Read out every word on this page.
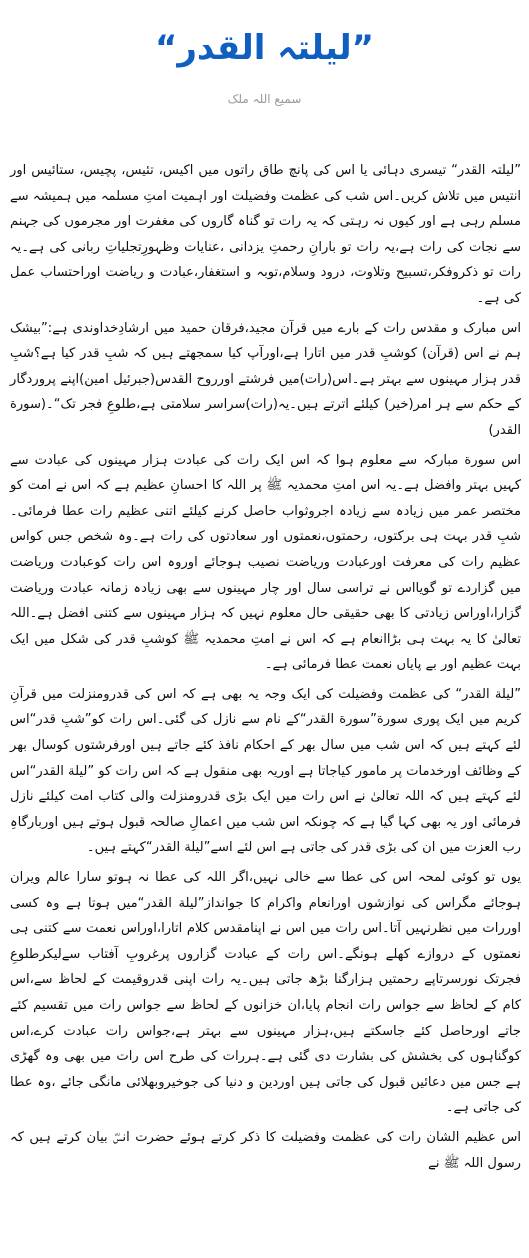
”لیلتہ القدر“
سمیع اللہ ملک

”لیلتہ القدر“ تیسری دہائی یا اس کی پانچ طاق راتوں میں اکیس، تئیس، پچیس، ستائیس اور انتیس میں تلاش کریں۔اس شب کی عظمت وفضیلت اور اہمیت امتِ مسلمہ میں ہمیشہ سے مسلم رہی ہے اور کیوں نہ رہتی کہ یہ رات تو گناہ گاروں کی مغفرت اور مجرموں کی جہنم سے نجات کی رات ہے،یہ رات تو بارانِ رحمتِ یزدانی ،عنایات وظہورِتجلیاتِ ربانی کی ہے۔یہ رات تو ذکروفکر،تسبیح وتلاوت، درود وسلام،توبہ و استغفار،عبادت و ریاضت اوراحتساب عمل کی ہے۔

اس مبارک و مقدس رات کے بارے میں قرآن مجید،فرقان حمید میں ارشادِخداوندی ہے:”بیشک ہم نے اس (قرآن) کوشبِ قدر میں اتارا ہے،اورآپ کیا سمجھتے ہیں کہ شبِ قدر کیا ہے؟شبِ قدر ہزار مہینوں سے بہتر ہے۔اس(رات)میں فرشتے اورروح القدس(جبرئیل امین)اپنے پروردگار کے حکم سے ہر امر(خیر) کیلئے اترتے ہیں۔یہ(رات)سراسر سلامتی ہے،طلوعِ فجر تک“۔(سورة القدر)

اس سورة مبارکہ سے معلوم ہوا کہ اس ایک رات کی عبادت ہزار مہینوں کی عبادت سے کہیں بہتر وافضل ہے۔یہ اس امتِ محمدیہ ﷺ پر اللہ کا احسانِ عظیم ہے کہ اس نے امت کو مختصر عمر میں زیادہ سے زیادہ اجروثواب حاصل کرنے کیلئے اتنی عظیم رات عطا فرمائی۔شبِ قدر بہت ہی برکتوں، رحمتوں،نعمتوں اور سعادتوں کی رات ہے۔وہ شخص جس کواس عظیم رات کی معرفت اورعبادت وریاضت نصیب ہوجائے اوروہ اس رات کوعبادت وریاضت میں گزاردے تو گویااس نے تراسی سال اور چار مہینوں سے بھی زیادہ زمانہ عبادت وریاضت گزارا،اوراس زیادتی کا بھی حقیقی حال معلوم نہیں کہ ہزار مہینوں سے کتنی افضل ہے۔اللہ تعالیٰ کا یہ بہت ہی بڑاانعام ہے کہ اس نے امتِ محمدیہ ﷺ کوشبِ قدر کی شکل میں ایک بہت عظیم اور بے پایاں نعمت عطا فرمائی ہے۔

”لیلة القدر“ کی عظمت وفضیلت کی ایک وجہ یہ بھی ہے کہ اس کی قدرومنزلت میں قرآنِ کریم میں ایک پوری سورة”سورة القدر“کے نام سے نازل کی گئی۔اس رات کو”شبِ قدر“اس لئے کہتے ہیں کہ اس شب میں سال بھر کے احکام نافذ کئے جاتے ہیں اورفرشتوں کوسال بھر کے وظائف اورخدمات پر مامور کیاجاتا ہے اوریہ بھی منقول ہے کہ اس رات کو ”لیلة القدر“اس لئے کہتے ہیں کہ اللہ تعالیٰ نے اس رات میں ایک بڑی قدرومنزلت والی کتاب امت کیلئے نازل فرمائی اور یہ بھی کہا گیا ہے کہ چونکہ اس شب میں اعمالِ صالحہ قبول ہوتے ہیں اوربارگاہِ رب العزت میں ان کی بڑی قدر کی جاتی ہے اس لئے اسے”لیلة القدر“کہتے ہیں۔

یوں تو کوئی لمحہ اس کی عطا سے خالی نہیں،اگر اللہ کی عطا نہ ہوتو سارا عالم ویران ہوجائے مگراس کی نوازشوں اورانعام واکرام کا جوانداز”لیلة القدر“میں ہوتا ہے وہ کسی اوررات میں نظرنہیں آتا۔اس رات میں اس نے اپنامقدس کلام اتارا،اوراس نعمت سے کتنی ہی نعمتوں کے دروازے کھلے ہونگے۔اس رات کے عبادت گزاروں پرغروبِ آفتاب سےلیکرطلوعِ فجرتک نورسرتاپے رحمتیں ہزارگنا بڑھ جاتی ہیں۔یہ رات اپنی قدروقیمت کے لحاظ سے،اس کام کے لحاظ سے جواس رات انجام پایا،ان خزانوں کے لحاظ سے جواس رات میں تقسیم کئے جاتے اورحاصل کئے جاسکتے ہیں،ہزار مہینوں سے بہتر ہے،جواس رات عبادت کرے،اس کوگناہوں کی بخشش کی بشارت دی گئی ہے۔ہررات کی طرح اس رات میں بھی وہ گھڑی ہے جس میں دعائیں قبول کی جاتی ہیں اوردین و دنیا کی جوخیروبھلائی مانگی جائے ،وہ عطا کی جاتی ہے۔

اس عظیم الشان رات کی عظمت وفضیلت کا ذکر کرتے ہوئے حضرت انسؓ بیان کرتے ہیں کہ رسول اللہ ﷺ نے
